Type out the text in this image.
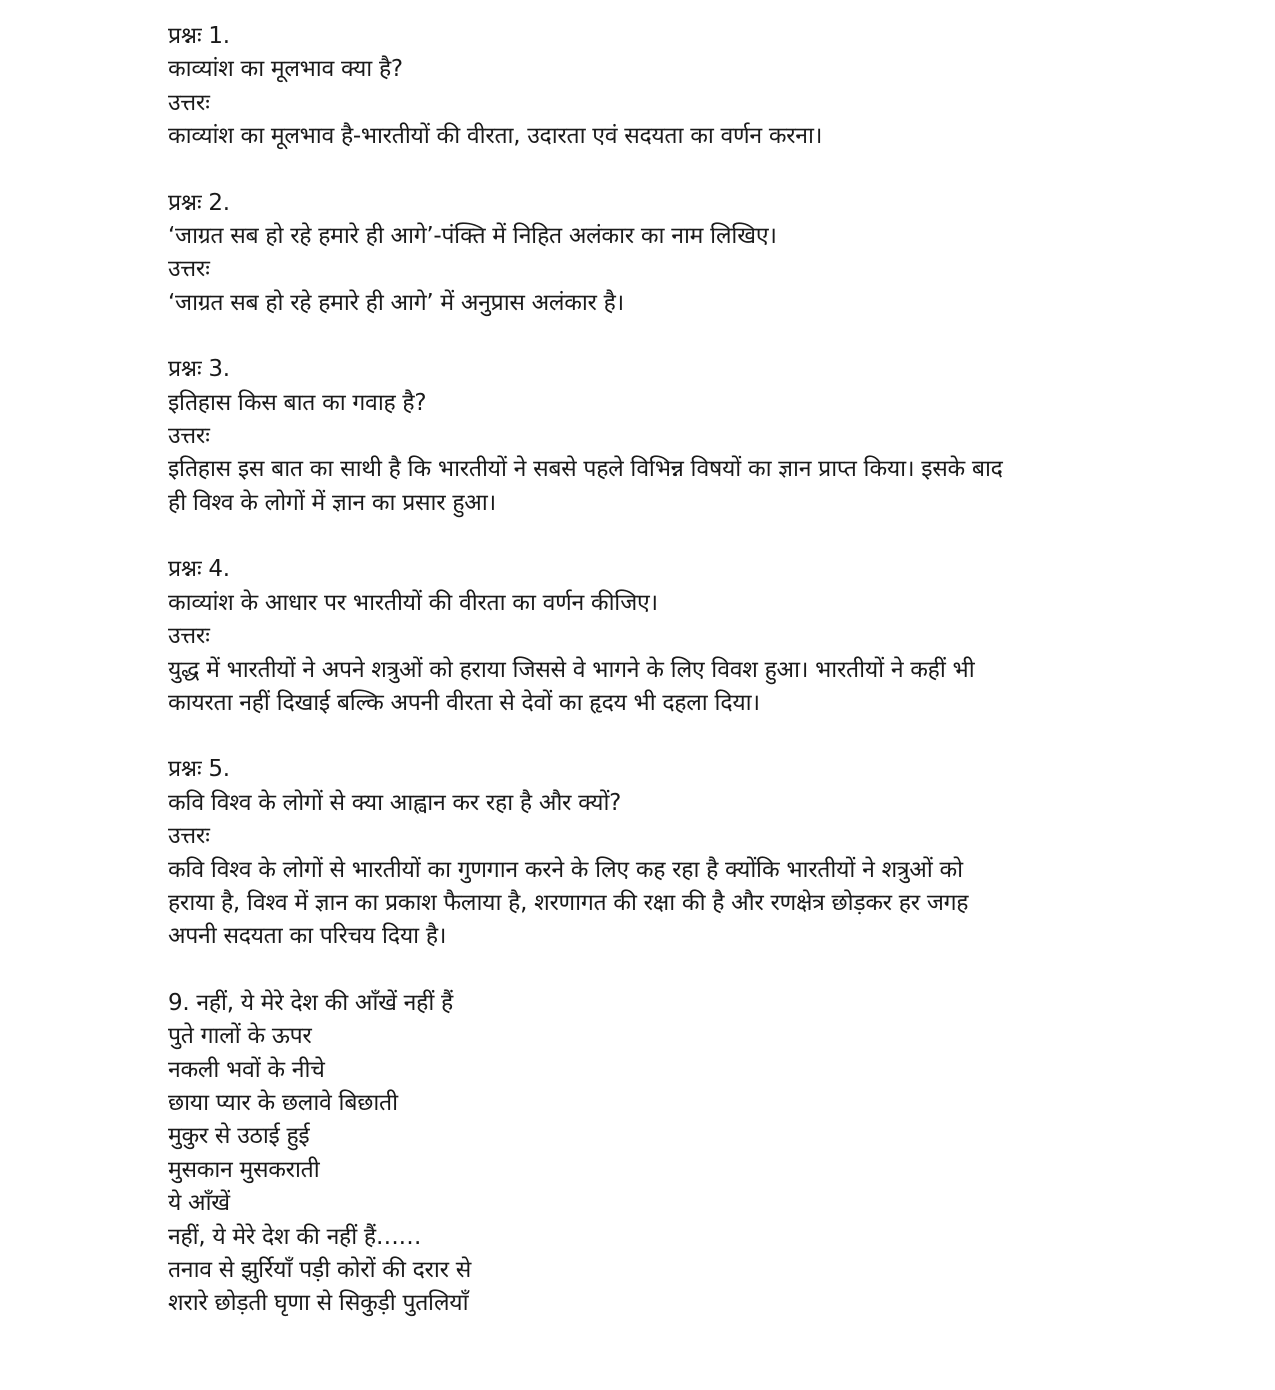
प्रश्नः 1.
काव्यांश का मूलभाव क्या है?
उत्तरः
काव्यांश का मूलभाव है-भारतीयों की वीरता, उदारता एवं सदयता का वर्णन करना।
प्रश्नः 2.
‘जाग्रत सब हो रहे हमारे ही आगे’-पंक्ति में निहित अलंकार का नाम लिखिए।
उत्तरः
‘जाग्रत सब हो रहे हमारे ही आगे’ में अनुप्रास अलंकार है।
प्रश्नः 3.
इतिहास किस बात का गवाह है?
उत्तरः
इतिहास इस बात का साथी है कि भारतीयों ने सबसे पहले विभिन्न विषयों का ज्ञान प्राप्त किया। इसके बाद
ही विश्व के लोगों में ज्ञान का प्रसार हुआ।
प्रश्नः 4.
काव्यांश के आधार पर भारतीयों की वीरता का वर्णन कीजिए।
उत्तरः
युद्ध में भारतीयों ने अपने शत्रुओं को हराया जिससे वे भागने के लिए विवश हुआ। भारतीयों ने कहीं भी
कायरता नहीं दिखाई बल्कि अपनी वीरता से देवों का हृदय भी दहला दिया।
प्रश्नः 5.
कवि विश्व के लोगों से क्या आह्वान कर रहा है और क्यों?
उत्तरः
कवि विश्व के लोगों से भारतीयों का गुणगान करने के लिए कह रहा है क्योंकि भारतीयों ने शत्रुओं को
हराया है, विश्व में ज्ञान का प्रकाश फैलाया है, शरणागत की रक्षा की है और रणक्षेत्र छोड़कर हर जगह
अपनी सदयता का परिचय दिया है।
9. नहीं, ये मेरे देश की आँखें नहीं हैं
पुते गालों के ऊपर
नकली भवों के नीचे
छाया प्यार के छलावे बिछाती
मुकुर से उठाई हुई
मुसकान मुसकराती
ये आँखें
नहीं, ये मेरे देश की नहीं हैं……
तनाव से झुर्रियाँ पड़ी कोरों की दरार से
शरारे छोड़ती घृणा से सिकुड़ी पुतलियाँ
